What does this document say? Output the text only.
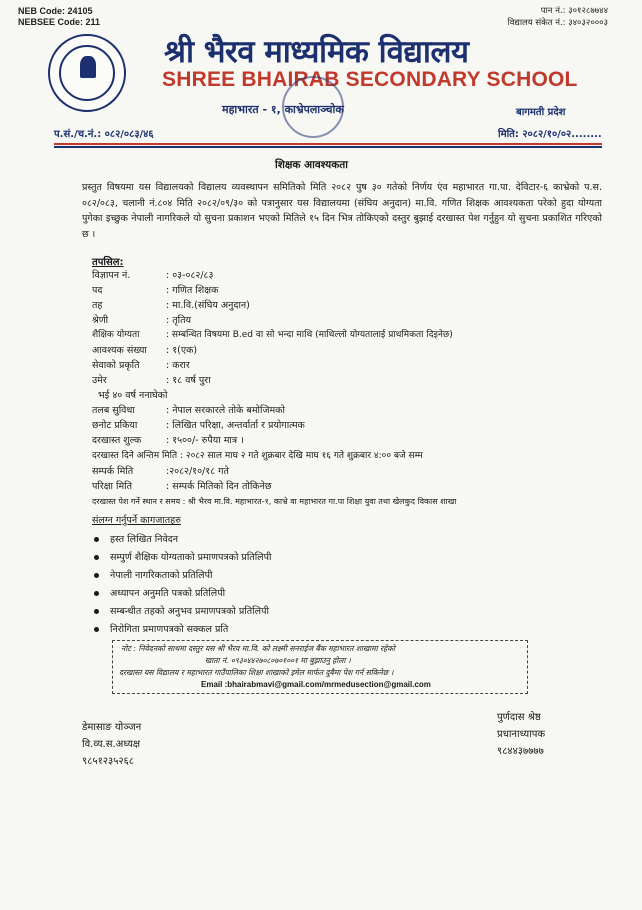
NEB Code: 24105
NEBSEE Code: 211
पान नं.: ३०१२८७७४४
विद्यालय संकेत नं.: ३४०३२०००३
श्री भैरव माध्यमिक विद्यालय
SHREE BHAIRAB SECONDARY SCHOOL
महाभारत - १, काभ्रेपलाञ्चोक	बागमती प्रदेश
प.सं./च.नं.: ०८२/०८३/४६	मिति: २०८२/१०/०२........
शिक्षक आवश्यकता
प्रस्तुत विषयमा यस विद्यालयको विद्यालय व्यवस्थापन समितिको मिति २०८२ पुष ३० गतेको निर्णय एंव महाभारत गा.पा. देविटार-६ काभ्रेको प.स. ०८२/०८३, चलानी नं.८०४ मिति २०८२/०९/३० को पत्रानुसार यस विद्यालयमा (संघिय अनुदान) मा.वि. गणित शिक्षक आवश्यकता परेको हुदा योग्यता पुगेका इच्छुक नेपाली नागरिकले यो सुचना प्रकाशन भएको मितिले १५ दिन भित्र तोकिएको दस्तुर बुझाई दरखास्त पेश गर्नुहुन यो सुचना प्रकाशित गरिएको छ ।
तपसिल:
विज्ञापन नं.	: ०३-०८२/८३
पद	: गणित शिक्षक
तह	: मा.वि.(संघिय अनुदान)
श्रेणी	: तृतिय
शैक्षिक योग्यता	: सम्बन्धित विषयमा B.ed वा सो भन्दा माथि (माथिल्लो योग्यतालाई प्राथमिकता दिइनेछ)
आवश्यक संख्या : १(एक)
सेवाको प्रकृति	: करार
उमेर	: १८ वर्ष पुरा
भई ४० वर्ष ननाघेको
तलब सुविधा	: नेपाल सरकारले तोके बमोजिमको
छनोट प्रकिया	: लिखित परिक्षा, अन्तर्वार्ता र प्रयोगात्मक
दरखास्त शुल्क	: १५००/- रुपैया मात्र ।
दरखास्त दिने अन्तिम मिति : २०८२ साल माघ २ गते शुक्रबार देखि माघ १६ गते शुक्रबार ४:०० बजे सम्म
सम्पर्क मिति	:२०८२/१०/१८ गते
परिक्षा मिति	: सम्पर्क मितिको दिन तोकिनेछ
दरखास्त पेश गर्ने स्थान र समय : श्री भैरव मा.वि. महाभारत-१, काभ्रे वा महाभारत गा.पा शिक्षा युवा तथा खेलकुद विकास शाखा
संलग्न गर्नुपर्ने कागजातहरु
हस्त लिखित निवेदन
सम्पुर्ण शैक्षिक योग्यताको प्रमाणपत्रको प्रतिलिपी
नेपाली नागरिकताको प्रतिलिपी
अध्यापन अनुमति पत्रको प्रतिलिपी
सम्बन्धीत तहको अनुभव प्रमाणपत्रको प्रतिलिपी
निरोगिता प्रमाणपत्रको सक्कल प्रति
नोट : निवेदनको साथमा दस्तुर यस श्री भैरव मा.वि. को लक्ष्मी सनराईज बैंक महाभारत शाखामा रहेको
खाता नं. ०९३०४४२७०८०७०१००१ मा बुझाउनु होला ।
दरखास्त यस विद्यालय र महाभारत गाउँपालिका शिक्षा शाखाको इमेल मार्फत दुबैमा पेश गर्न सकिनेछ ।
Email :bhairabmavi@gmail.com/mrmedusection@gmail.com
डेमासाङ योञ्जन
वि.व्य.स.अध्यक्ष
९८५१२३५२६८
पुर्णदास श्रेष्ठ
प्रधानाध्यापक
९८४४३७७७७
